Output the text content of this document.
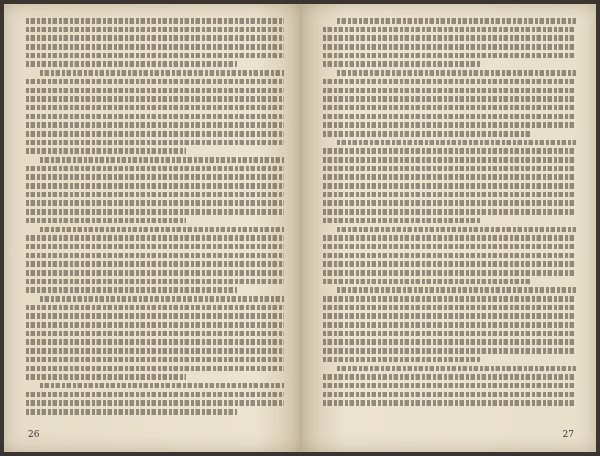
26	27
